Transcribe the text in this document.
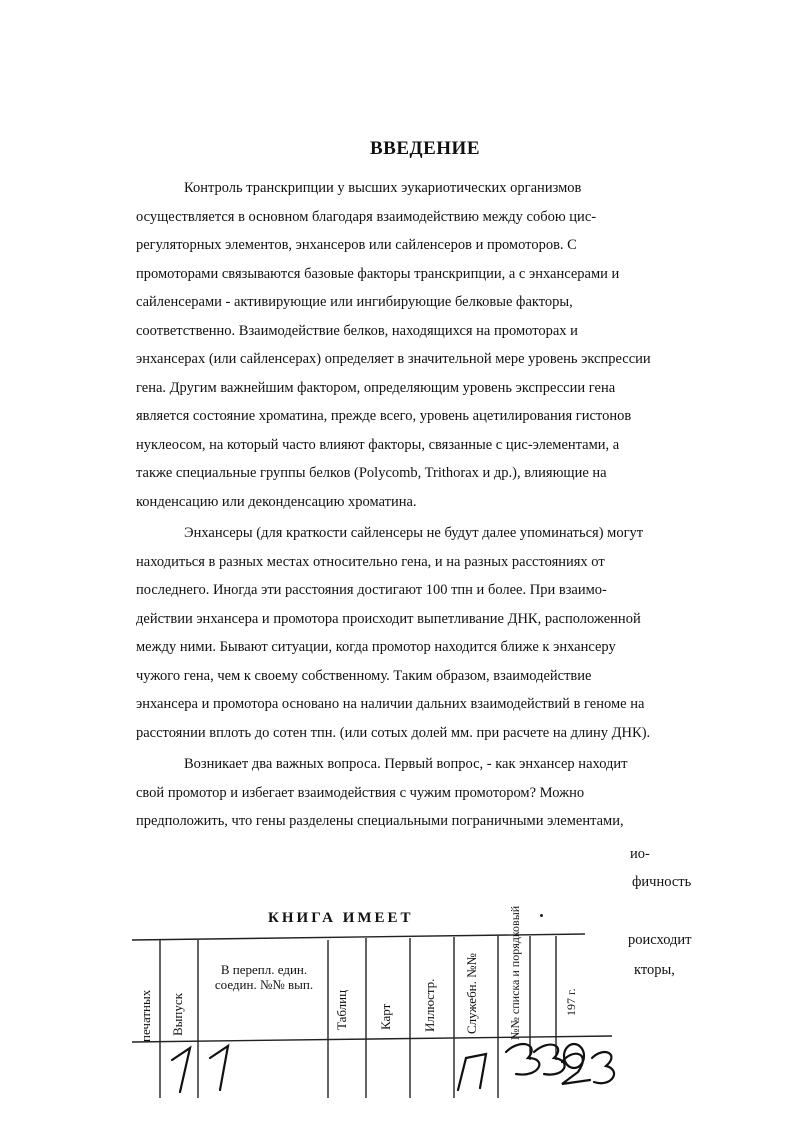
ВВЕДЕНИЕ
Контроль транскрипции у высших эукариотических организмов
осуществляется в основном благодаря взаимодействию между собою цис-
регуляторных элементов, энхансеров или сайленсеров и промоторов. С
промоторами связываются базовые факторы транскрипции, а с энхансерами и
сайленсерами - активирующие или ингибирующие белковые факторы,
соответственно. Взаимодействие белков, находящихся на промоторах и
энхансерах (или сайленсерах) определяет в значительной мере уровень экспрессии
гена. Другим важнейшим фактором, определяющим уровень экспрессии гена
является состояние хроматина, прежде всего, уровень ацетилирования гистонов
нуклеосом, на который часто влияют факторы, связанные с цис-элементами, а
также специальные группы белков (Polycomb, Trithorax и др.), влияющие на
конденсацию или деконденсацию хроматина.
Энхансеры (для краткости сайленсеры не будут далее упоминаться) могут
находиться в разных местах относительно гена, и на разных расстояниях от
последнего. Иногда эти расстояния достигают 100 тпн и более. При взаимо-
действии энхансера и промотора происходит выпетливание ДНК, расположенной
между ними. Бывают ситуации, когда промотор находится ближе к энхансеру
чужого гена, чем к своему собственному. Таким образом, взаимодействие
энхансера и промотора основано на наличии дальних взаимодействий в геноме на
расстоянии вплоть до сотен тпн. (или сотых долей мм. при расчете на длину ДНК).
Возникает два важных вопроса. Первый вопрос, - как энхансер находит
свой промотор и избегает взаимодействия с чужим промотором? Можно
предположить, что гены разделены специальными пограничными элементами,
ио-
фичность
роисходит
кторы,
КНИГА ИМЕЕТ
печатных Выпуск
В перепл. един. соедин. №№ вып.
Таблиц Карт Иллюстр. Служебн. №№ №№ списка и порядковый	197 г.
